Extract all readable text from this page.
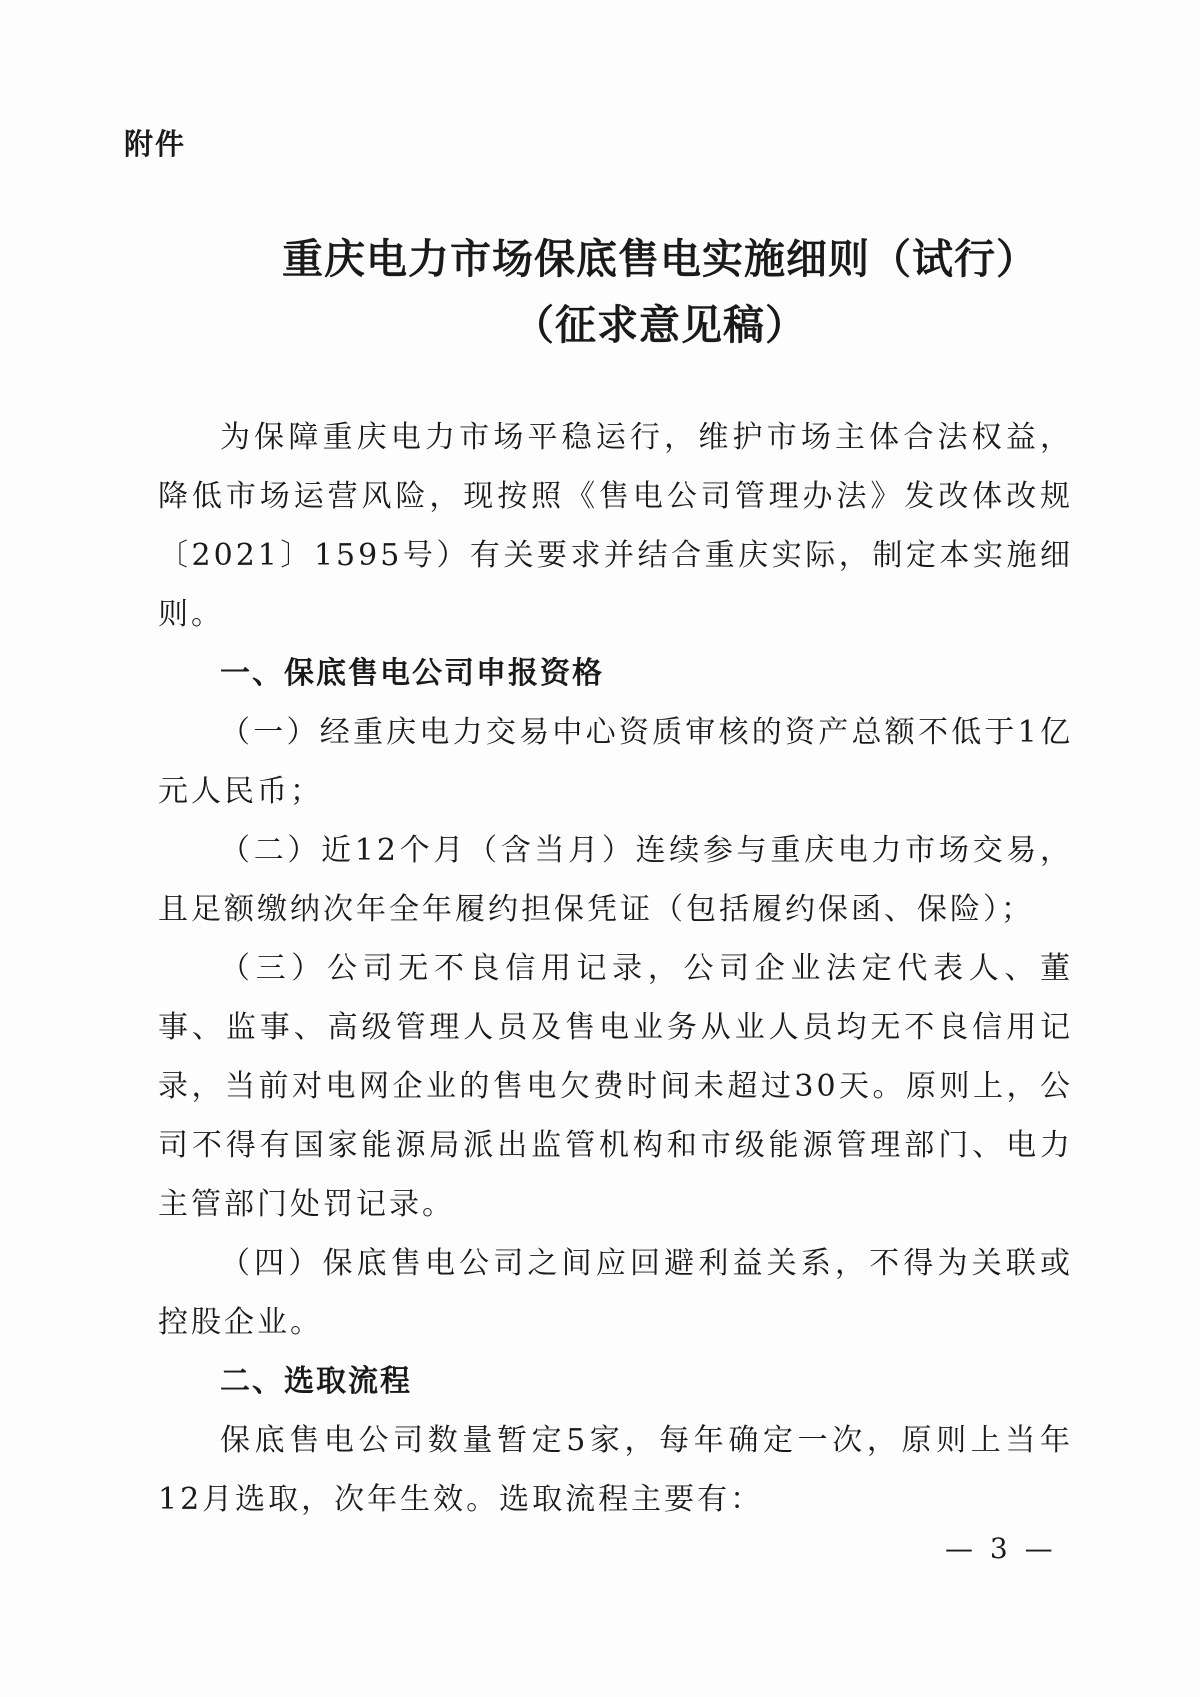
附件
重庆电力市场保底售电实施细则（试行）
（征求意见稿）

为保障重庆电力市场平稳运行，维护市场主体合法权益，降低市场运营风险，现按照《售电公司管理办法》发改体改规〔2021〕1595号）有关要求并结合重庆实际，制定本实施细则。

一、保底售电公司申报资格

（一）经重庆电力交易中心资质审核的资产总额不低于1亿元人民币；

（二）近12个月（含当月）连续参与重庆电力市场交易，且足额缴纳次年全年履约担保凭证（包括履约保函、保险）；

（三）公司无不良信用记录，公司企业法定代表人、董事、监事、高级管理人员及售电业务从业人员均无不良信用记录，当前对电网企业的售电欠费时间未超过30天。原则上，公司不得有国家能源局派出监管机构和市级能源管理部门、电力主管部门处罚记录。

（四）保底售电公司之间应回避利益关系，不得为关联或控股企业。

二、选取流程

保底售电公司数量暂定5家，每年确定一次，原则上当年12月选取，次年生效。选取流程主要有：

— 3 —
